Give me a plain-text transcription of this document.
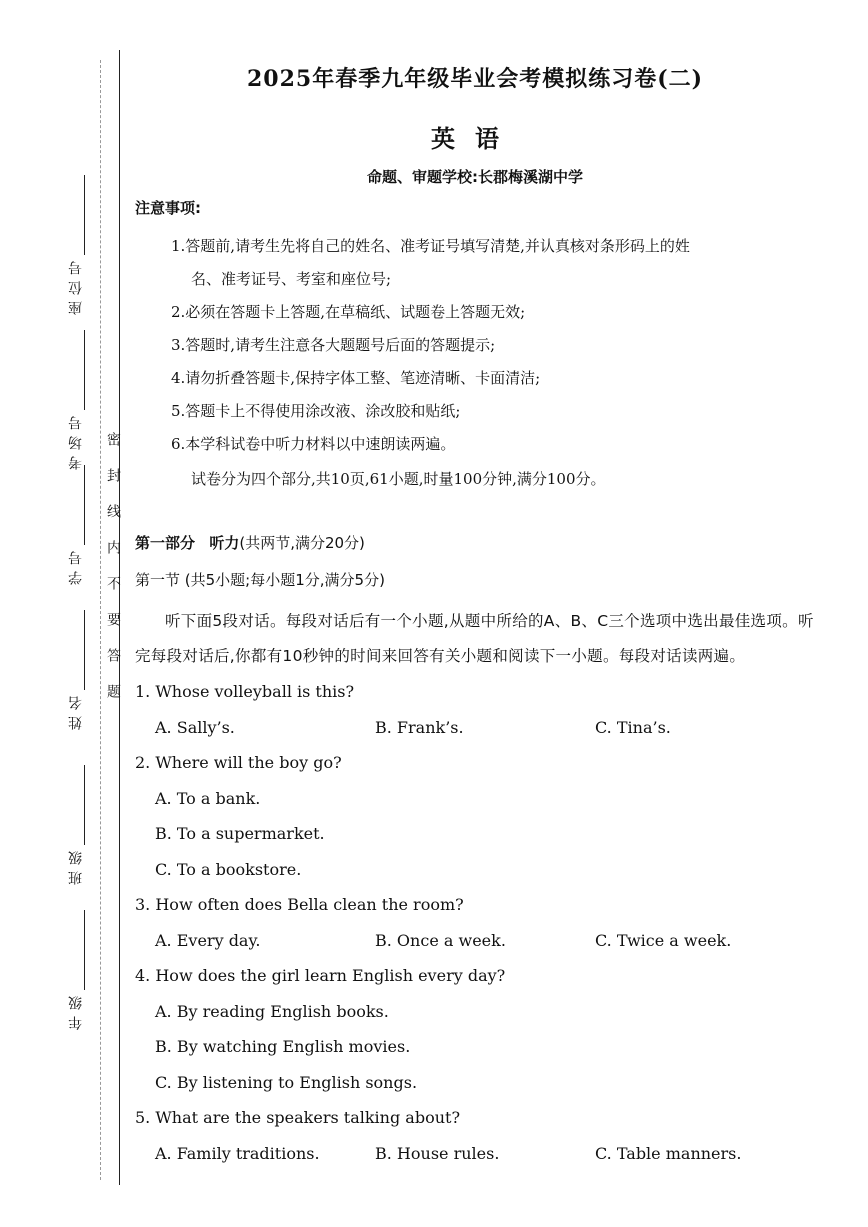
座位号
考场号
学号
姓名
班级
年级
密封线内不要答题
2025年春季九年级毕业会考模拟练习卷(二)
英语
命题、审题学校:长郡梅溪湖中学
注意事项:
1.答题前,请考生先将自己的姓名、准考证号填写清楚,并认真核对条形码上的姓
名、准考证号、考室和座位号;
2.必须在答题卡上答题,在草稿纸、试题卷上答题无效;
3.答题时,请考生注意各大题题号后面的答题提示;
4.请勿折叠答题卡,保持字体工整、笔迹清晰、卡面清洁;
5.答题卡上不得使用涂改液、涂改胶和贴纸;
6.本学科试卷中听力材料以中速朗读两遍。
试卷分为四个部分,共10页,61小题,时量100分钟,满分100分。
第一部分 听力(共两节,满分20分)
第一节 (共5小题;每小题1分,满分5分)
听下面5段对话。每段对话后有一个小题,从题中所给的A、B、C三个选项中选出最佳选项。听完每段对话后,你都有10秒钟的时间来回答有关小题和阅读下一小题。每段对话读两遍。
1. Whose volleyball is this?
A. Sally’s.	B. Frank’s.	C. Tina’s.
2. Where will the boy go?
A. To a bank.
B. To a supermarket.
C. To a bookstore.
3. How often does Bella clean the room?
A. Every day.	B. Once a week.	C. Twice a week.
4. How does the girl learn English every day?
A. By reading English books.
B. By watching English movies.
C. By listening to English songs.
5. What are the speakers talking about?
A. Family traditions.	B. House rules.	C. Table manners.
